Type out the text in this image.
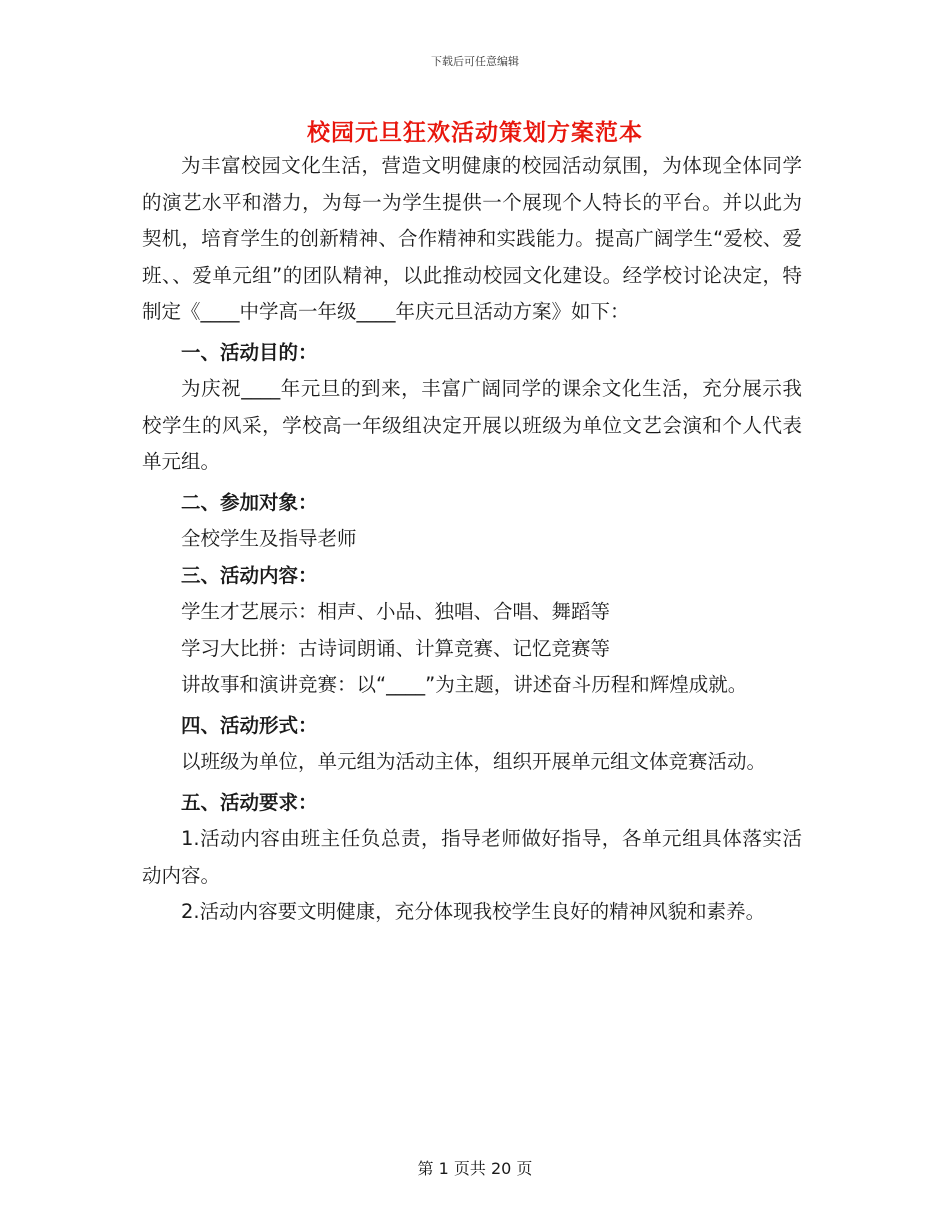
下载后可任意编辑
校园元旦狂欢活动策划方案范本

为丰富校园文化生活，营造文明健康的校园活动氛围，为体现全体同学的演艺水平和潜力，为每一为学生提供一个展现个人特长的平台。并以此为契机，培育学生的创新精神、合作精神和实践能力。提高广阔学生“爱校、爱班、、爱单元组”的团队精神，以此推动校园文化建设。经学校讨论决定，特制定《____中学高一年级____年庆元旦活动方案》如下：

一、活动目的：

为庆祝____年元旦的到来，丰富广阔同学的课余文化生活，充分展示我校学生的风采，学校高一年级组决定开展以班级为单位文艺会演和个人代表单元组。

二、参加对象：

全校学生及指导老师

三、活动内容：

学生才艺展示：相声、小品、独唱、合唱、舞蹈等

学习大比拼：古诗词朗诵、计算竞赛、记忆竞赛等

讲故事和演讲竞赛：以“____”为主题，讲述奋斗历程和辉煌成就。

四、活动形式：

以班级为单位，单元组为活动主体，组织开展单元组文体竞赛活动。

五、活动要求：

1.活动内容由班主任负总责，指导老师做好指导，各单元组具体落实活动内容。

2.活动内容要文明健康，充分体现我校学生良好的精神风貌和素养。

第 1 页共 20 页
